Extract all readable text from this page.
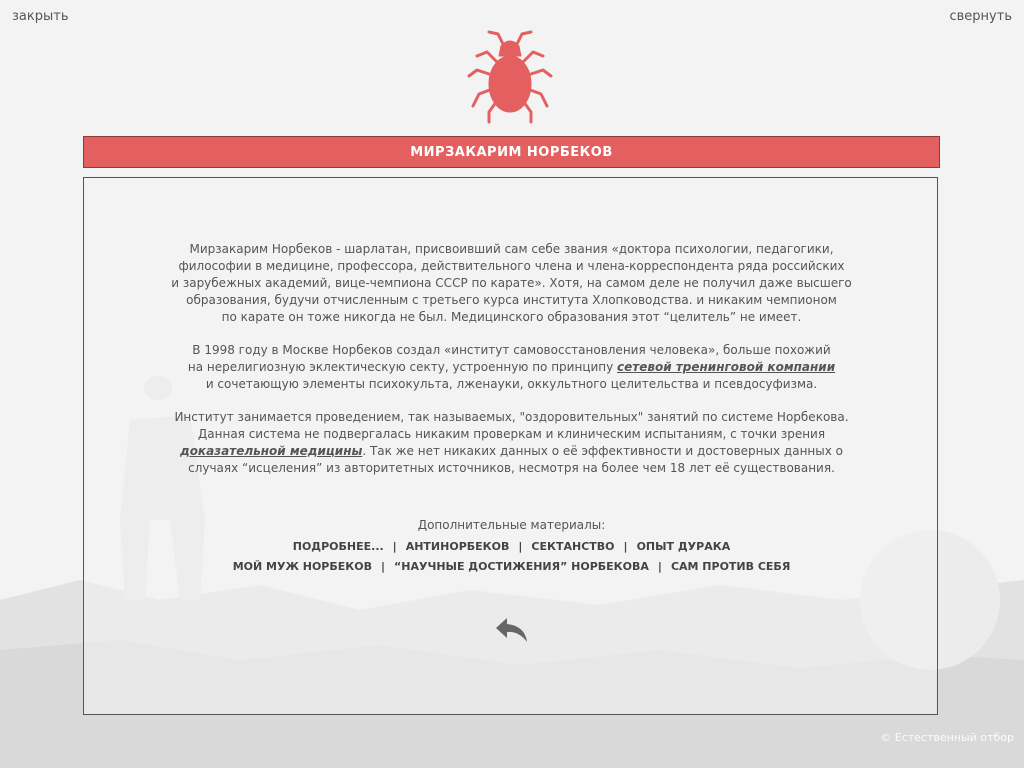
закрыть	свернуть
МИРЗАКАРИМ НОРБЕКОВ

Мирзакарим Норбеков - шарлатан, присвоивший сам себе звания «доктора психологии, педагогики,
философии в медицине, профессора, действительного члена и члена-корреспондента ряда российских
и зарубежных академий, вице-чемпиона СССР по карате». Хотя, на самом деле не получил даже высшего
образования, будучи отчисленным с третьего курса института Хлопководства. и никаким чемпионом
по карате он тоже никогда не был. Медицинского образования этот “целитель” не имеет.

В 1998 году в Москве Норбеков создал «институт самовосстановления человека», больше похожий
на нерелигиозную эклектическую секту, устроенную по принципу сетевой тренинговой компании
и сочетающую элементы психокульта, лженауки, оккультного целительства и псевдосуфизма.

Институт занимается проведением, так называемых, "оздоровительных" занятий по системе Норбекова.
Данная система не подвергалась никаким проверкам и клиническим испытаниям, с точки зрения
доказательной медицины. Так же нет никаких данных о её эффективности и достоверных данных о
случаях “исцеления” из авторитетных источников, несмотря на более чем 18 лет её существования.

Дополнительные материалы:
ПОДРОБНЕЕ... | АНТИНОРБЕКОВ | СЕКТАНСТВО | ОПЫТ ДУРАКА
МОЙ МУЖ НОРБЕКОВ | “НАУЧНЫЕ ДОСТИЖЕНИЯ” НОРБЕКОВА | САМ ПРОТИВ СЕБЯ
© Естественный отбор
